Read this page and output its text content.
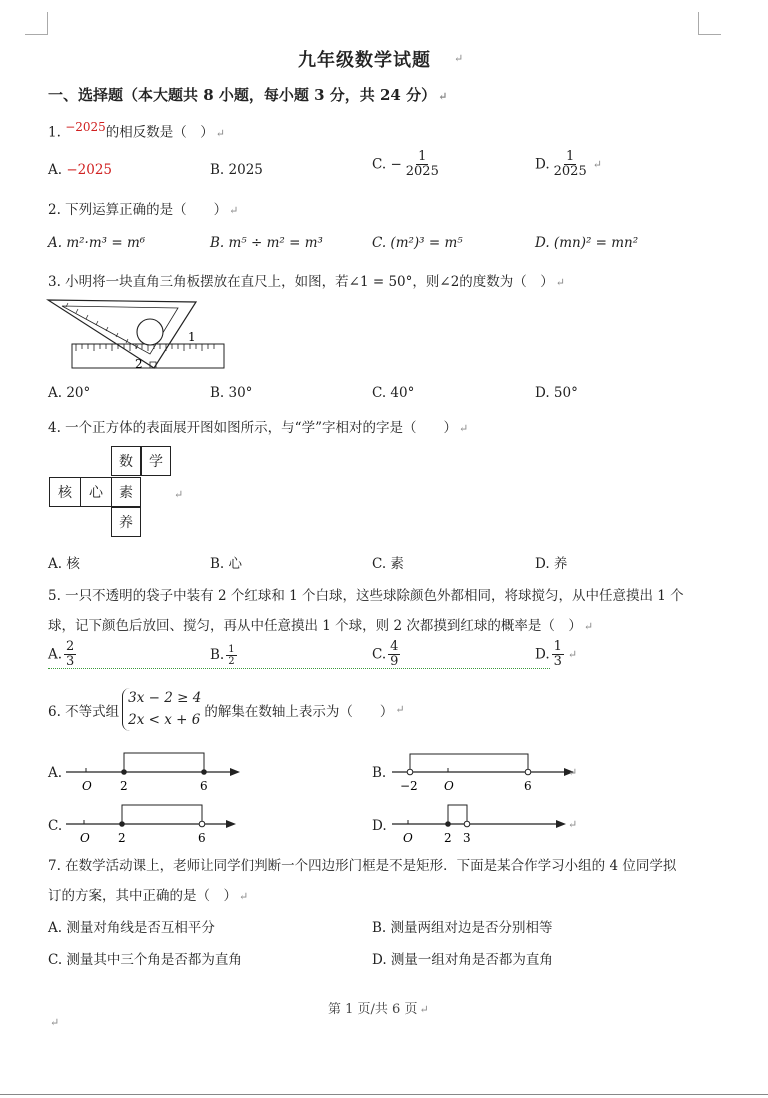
九年级数学试题 ↵
一、选择题（本大题共 8 小题，每小题 3 分，共 24 分） ↵
1. $^{-2025}$的相反数是（　） ↵
A. −2025	B. 2025	C. − $\frac{1}{2025}$	D. $\frac{1}{2025}$ ↵
2. 下列运算正确的是（　　） ↵
A. m²·m³ = m⁶	B. m⁵ ÷ m² = m³	C. (m²)³ = m⁵	D. (mn)² = mn²
3. 小明将一块直角三角板摆放在直尺上，如图，若∠1 = 50°，则∠2的度数为（　） ↵
1
2
A. 20°	B. 30°	C. 40°	D. 50°
4. 一个正方体的表面展开图如图所示，与“学”字相对的字是（　　） ↵
数	学
核	心	素
养
↵
A. 核	B. 心	C. 素	D. 养
5. 一只不透明的袋子中装有 2 个红球和 1 个白球，这些球除颜色外都相同，将球搅匀，从中任意摸出 1 个
球，记下颜色后放回、搅匀，再从中任意摸出 1 个球，则 2 次都摸到红球的概率是（　） ↵
A. $\frac{2}{3}$	B. $\frac{1}{2}$	C. $\frac{4}{9}$	D. $\frac{1}{3}$ ↵
6. 不等式组
3x − 2 ≥ 4
2x < x + 6 的解集在数轴上表示为（　　） ↵
A.
O 2	6
B.
−2 O	6
↵
C.
O 2	6
D.
O	2 3
↵
7. 在数学活动课上，老师让同学们判断一个四边形门框是不是矩形．下面是某合作学习小组的 4 位同学拟
订的方案，其中正确的是（　） ↵
A. 测量对角线是否互相平分	B. 测量两组对边是否分别相等
C. 测量其中三个角是否都为直角	D. 测量一组对角是否都为直角
第 1 页/共 6 页 ↵
↵
